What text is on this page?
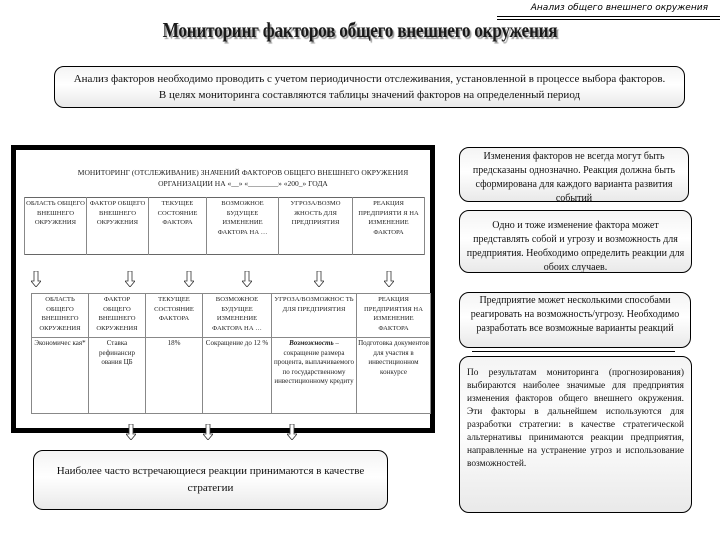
Анализ общего внешнего окружения
Мониторинг факторов общего внешнего окружения
Анализ факторов необходимо проводить с учетом периодичности отслеживания, установленной в процессе выбора факторов. В целях мониторинга составляются таблицы значений факторов на определенный период
МОНИТОРИНГ (ОТСЛЕЖИВАНИЕ) ЗНАЧЕНИЙ ФАКТОРОВ ОБЩЕГО ВНЕШНЕГО ОКРУЖЕНИЯ
ОРГАНИЗАЦИИ НА «__» «________» «200_» ГОДА
ОБЛАСТЬ ОБЩЕГО ВНЕШНЕГО ОКРУЖЕНИЯ	ФАКТОР ОБЩЕГО ВНЕШНЕГО ОКРУЖЕНИЯ	ТЕКУЩЕЕ СОСТОЯНИЕ ФАКТОРА	ВОЗМОЖНОЕ БУДУЩЕЕ ИЗМЕНЕНИЕ ФАКТОРА НА …	УГРОЗА/ВОЗМО ЖНОСТЬ ДЛЯ ПРЕДПРИЯТИЯ	РЕАКЦИЯ ПРЕДПРИЯТИ Я НА ИЗМЕНЕНИЕ ФАКТОРА
ОБЛАСТЬ ОБЩЕГО ВНЕШНЕГО ОКРУЖЕНИЯ	ФАКТОР ОБЩЕГО ВНЕШНЕГО ОКРУЖЕНИЯ	ТЕКУЩЕЕ СОСТОЯНИЕ ФАКТОРА	ВОЗМОЖНОЕ БУДУЩЕЕ ИЗМЕНЕНИЕ ФАКТОРА НА …	УГРОЗА/ВОЗМОЖНОС ТЬ ДЛЯ ПРЕДПРИЯТИЯ	РЕАКЦИЯ ПРЕДПРИЯТИЯ НА ИЗМЕНЕНИЕ ФАКТОРА
Экономичес кая*	Ставка рефинансир ования ЦБ	18%	Сокращение до 12 %	Возможность – сокращение размера процента, выплачиваемого по государственному инвестиционному кредиту	Подготовка документов для участия в инвестиционном конкурсе
Наиболее часто встречающиеся реакции принимаются в качестве стратегии
Изменения факторов не всегда могут быть предсказаны однозначно. Реакция должна быть сформирована для каждого варианта развития событий
Одно и тоже изменение фактора может представлять собой и угрозу и возможность для предприятия. Необходимо определить реакции для обоих случаев.
Предприятие может несколькими способами реагировать на возможность/угрозу. Необходимо разработать все возможные варианты реакций
По результатам мониторинга (прогнозирования) выбираются наиболее значимые для предприятия изменения факторов общего внешнего окружения. Эти факторы в дальнейшем используются для разработки стратегии: в качестве стратегической альтернативы принимаются реакции предприятия, направленные на устранение угроз и использование возможностей.
